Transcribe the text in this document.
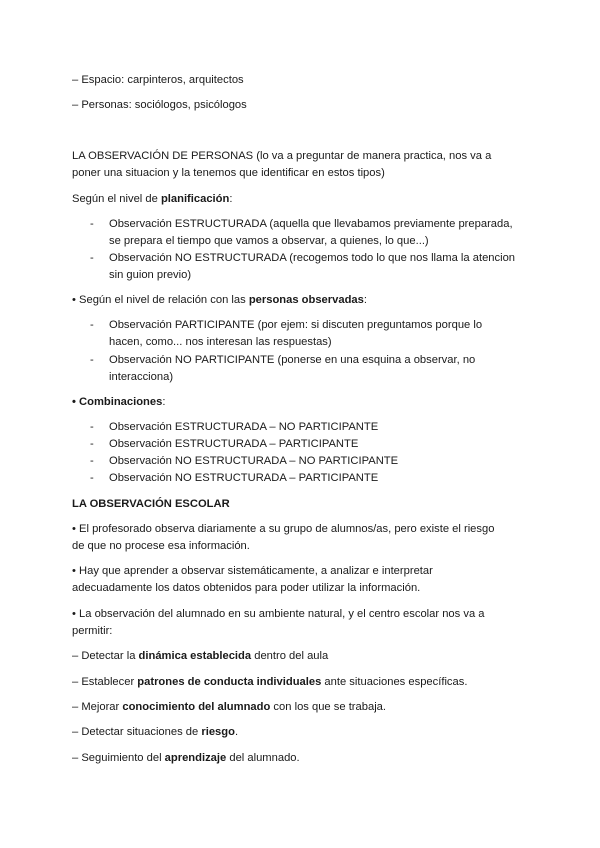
– Espacio: carpinteros, arquitectos
– Personas: sociólogos, psicólogos
LA OBSERVACIÓN DE PERSONAS (lo va a preguntar de manera practica, nos va a
poner una situacion y la tenemos que identificar en estos tipos)
Según el nivel de planificación:
- Observación ESTRUCTURADA (aquella que llevabamos previamente preparada,
se prepara el tiempo que vamos a observar, a quienes, lo que...)
- Observación NO ESTRUCTURADA (recogemos todo lo que nos llama la atencion
sin guion previo)
• Según el nivel de relación con las personas observadas:
- Observación PARTICIPANTE (por ejem: si discuten preguntamos porque lo
hacen, como... nos interesan las respuestas)
- Observación NO PARTICIPANTE (ponerse en una esquina a observar, no
interacciona)
• Combinaciones:
- Observación ESTRUCTURADA – NO PARTICIPANTE
- Observación ESTRUCTURADA – PARTICIPANTE
- Observación NO ESTRUCTURADA – NO PARTICIPANTE
- Observación NO ESTRUCTURADA – PARTICIPANTE
LA OBSERVACIÓN ESCOLAR
• El profesorado observa diariamente a su grupo de alumnos/as, pero existe el riesgo
de que no procese esa información.
• Hay que aprender a observar sistemáticamente, a analizar e interpretar
adecuadamente los datos obtenidos para poder utilizar la información.
• La observación del alumnado en su ambiente natural, y el centro escolar nos va a
permitir:
– Detectar la dinámica establecida dentro del aula
– Establecer patrones de conducta individuales ante situaciones específicas.
– Mejorar conocimiento del alumnado con los que se trabaja.
– Detectar situaciones de riesgo.
– Seguimiento del aprendizaje del alumnado.
